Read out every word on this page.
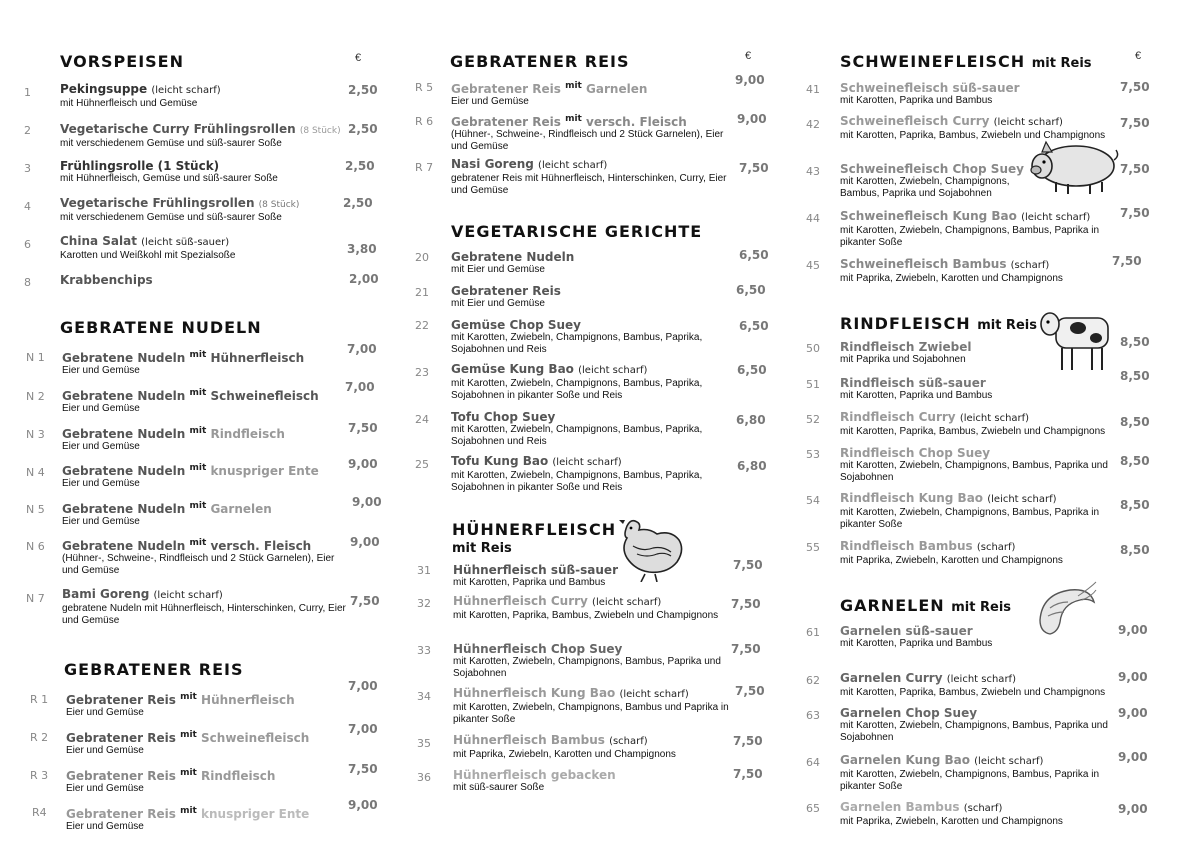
VORSPEISEN	€
1 Pekingsuppe (leicht scharf)
mit Hühnerfleisch und Gemüse
2,50
2 Vegetarische Curry Frühlingsrollen (8 Stück)
mit verschiedenem Gemüse und süß-saurer Soße
2,50
3 Frühlingsrolle (1 Stück)
mit Hühnerfleisch, Gemüse und süß-saurer Soße
2,50
4 Vegetarische Frühlingsrollen (8 Stück)
mit verschiedenem Gemüse und süß-saurer Soße
2,50
6 China Salat (leicht süß-sauer)
Karotten und Weißkohl mit Spezialsoße	3,80
8 Krabbenchips	2,00
GEBRATENE NUDELN
N 1 Gebratene Nudeln $^{mit}$ Hühnerfleisch
Eier und Gemüse
7,00
N 2 Gebratene Nudeln $^{mit}$ Schweinefleisch
Eier und Gemüse
7,00
N 3 Gebratene Nudeln $^{mit}$ Rindfleisch
Eier und Gemüse
7,50
N 4 Gebratene Nudeln $^{mit}$ knuspriger Ente
Eier und Gemüse
9,00
N 5 Gebratene Nudeln $^{mit}$ Garnelen
Eier und Gemüse
9,00
N 6 Gebratene Nudeln $^{mit}$ versch. Fleisch
(Hühner-, Schweine-, Rindfleisch und 2 Stück Garnelen), Eier und Gemüse
9,00
N 7 Bami Goreng (leicht scharf)
gebratene Nudeln mit Hühnerfleisch, Hinterschinken, Curry, Eier und Gemüse
7,50
GEBRATENER REIS
R 1 Gebratener Reis $^{mit}$ Hühnerfleisch
Eier und Gemüse
7,00
R 2 Gebratener Reis $^{mit}$ Schweinefleisch
Eier und Gemüse
7,00
R 3 Gebratener Reis $^{mit}$ Rindfleisch
Eier und Gemüse
7,50
R4 Gebratener Reis $^{mit}$ knuspriger Ente
Eier und Gemüse
9,00
GEBRATENER REIS	€
R 5 Gebratener Reis $^{mit}$ Garnelen
Eier und Gemüse
9,00
R 6 Gebratener Reis $^{mit}$ versch. Fleisch
(Hühner-, Schweine-, Rindfleisch und 2 Stück Garnelen), Eier und Gemüse
9,00
R 7 Nasi Goreng (leicht scharf)
gebratener Reis mit Hühnerfleisch, Hinterschinken, Curry, Eier und Gemüse
7,50
VEGETARISCHE GERICHTE
20 Gebratene Nudeln
mit Eier und Gemüse
6,50
21 Gebratener Reis
mit Eier und Gemüse
6,50
22 Gemüse Chop Suey
mit Karotten, Zwiebeln, Champignons, Bambus, Paprika, Sojabohnen und Reis
6,50
23 Gemüse Kung Bao (leicht scharf)
mit Karotten, Zwiebeln, Champignons, Bambus, Paprika, Sojabohnen in pikanter Soße und Reis
6,50
24 Tofu Chop Suey
mit Karotten, Zwiebeln, Champignons, Bambus, Paprika, Sojabohnen und Reis
6,80
25 Tofu Kung Bao (leicht scharf)
mit Karotten, Zwiebeln, Champignons, Bambus, Paprika, Sojabohnen in pikanter Soße und Reis
6,80
HÜHNERFLEISCH
mit Reis
31 Hühnerfleisch süß-sauer
mit Karotten, Paprika und Bambus
7,50
32 Hühnerfleisch Curry (leicht scharf)
mit Karotten, Paprika, Bambus, Zwiebeln und Champignons
7,50
33 Hühnerfleisch Chop Suey
mit Karotten, Zwiebeln, Champignons, Bambus, Paprika und Sojabohnen
7,50
34 Hühnerfleisch Kung Bao (leicht scharf)
mit Karotten, Zwiebeln, Champignons, Bambus und Paprika in pikanter Soße
7,50
35 Hühnerfleisch Bambus (scharf)
mit Paprika, Zwiebeln, Karotten und Champignons
7,50
36 Hühnerfleisch gebacken
mit süß-saurer Soße
7,50
SCHWEINEFLEISCH mit Reis	€
41 Schweinefleisch süß-sauer
mit Karotten, Paprika und Bambus
7,50
42 Schweinefleisch Curry (leicht scharf)
mit Karotten, Paprika, Bambus, Zwiebeln und Champignons
7,50
43 Schweinefleisch Chop Suey
mit Karotten, Zwiebeln, Champignons, Bambus, Paprika und Sojabohnen
7,50
44 Schweinefleisch Kung Bao (leicht scharf)
mit Karotten, Zwiebeln, Champignons, Bambus, Paprika in pikanter Soße
7,50
45 Schweinefleisch Bambus (scharf)
mit Paprika, Zwiebeln, Karotten und Champignons
7,50
RINDFLEISCH mit Reis
50 Rindfleisch Zwiebel
mit Paprika und Sojabohnen
8,50
51 Rindfleisch süß-sauer
mit Karotten, Paprika und Bambus
8,50
52 Rindfleisch Curry (leicht scharf)
mit Karotten, Paprika, Bambus, Zwiebeln und Champignons
8,50
53 Rindfleisch Chop Suey
mit Karotten, Zwiebeln, Champignons, Bambus, Paprika und Sojabohnen
8,50
54 Rindfleisch Kung Bao (leicht scharf)
mit Karotten, Zwiebeln, Champignons, Bambus, Paprika in pikanter Soße
8,50
55 Rindfleisch Bambus (scharf)
mit Paprika, Zwiebeln, Karotten und Champignons
8,50
GARNELEN mit Reis
61 Garnelen süß-sauer
mit Karotten, Paprika und Bambus
9,00
62 Garnelen Curry (leicht scharf)
mit Karotten, Paprika, Bambus, Zwiebeln und Champignons
9,00
63 Garnelen Chop Suey
mit Karotten, Zwiebeln, Champignons, Bambus, Paprika und Sojabohnen
9,00
64 Garnelen Kung Bao (leicht scharf)
mit Karotten, Zwiebeln, Champignons, Bambus, Paprika in pikanter Soße
9,00
65 Garnelen Bambus (scharf)
mit Paprika, Zwiebeln, Karotten und Champignons
9,00
